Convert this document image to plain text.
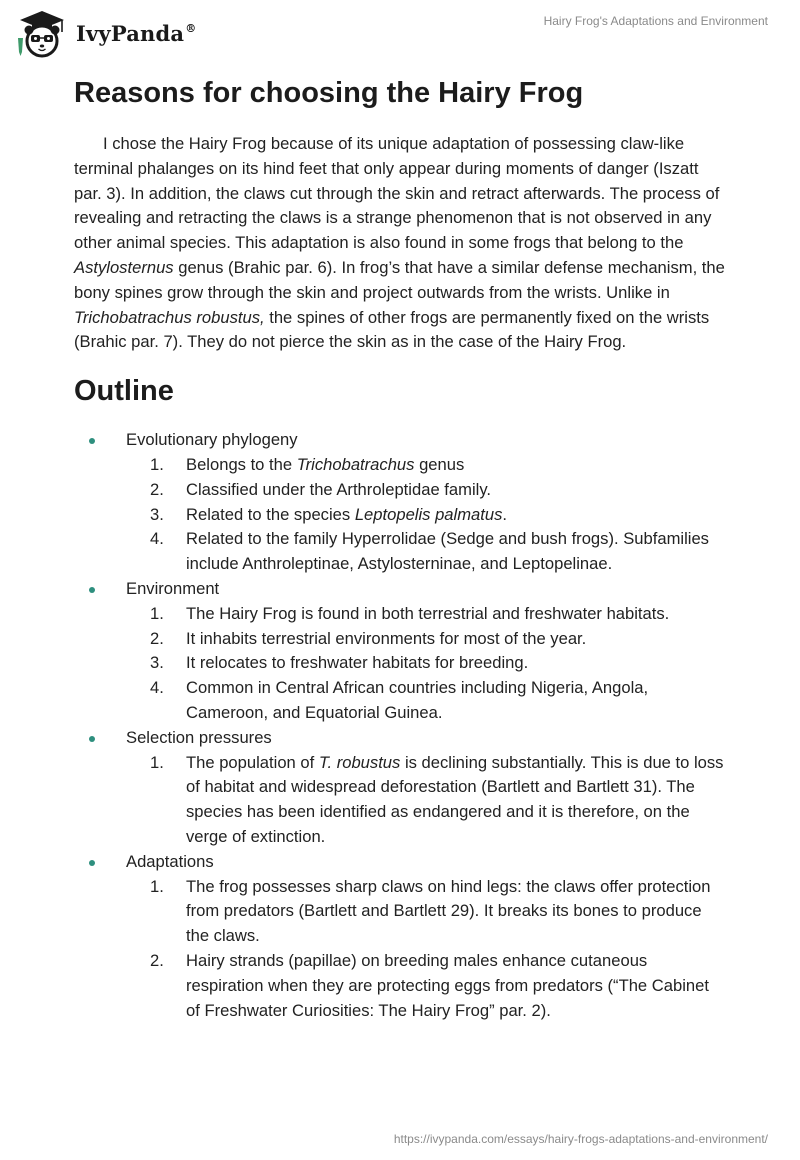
IvyPanda®	Hairy Frog's Adaptations and Environment
Reasons for choosing the Hairy Frog

I chose the Hairy Frog because of its unique adaptation of possessing claw-like terminal phalanges on its hind feet that only appear during moments of danger (Iszatt par. 3). In addition, the claws cut through the skin and retract afterwards. The process of revealing and retracting the claws is a strange phenomenon that is not observed in any other animal species. This adaptation is also found in some frogs that belong to the Astylosternus genus (Brahic par. 6). In frog’s that have a similar defense mechanism, the bony spines grow through the skin and project outwards from the wrists. Unlike in Trichobatrachus robustus, the spines of other frogs are permanently fixed on the wrists (Brahic par. 7). They do not pierce the skin as in the case of the Hairy Frog.

Outline
Evolutionary phylogeny
1. Belongs to the Trichobatrachus genus
2. Classified under the Arthroleptidae family.
3. Related to the species Leptopelis palmatus.
4. Related to the family Hyperrolidae (Sedge and bush frogs). Subfamilies include Anthroleptinae, Astylosterninae, and Leptopelinae.
Environment
1. The Hairy Frog is found in both terrestrial and freshwater habitats.
2. It inhabits terrestrial environments for most of the year.
3. It relocates to freshwater habitats for breeding.
4. Common in Central African countries including Nigeria, Angola, Cameroon, and Equatorial Guinea.
Selection pressures
1. The population of T. robustus is declining substantially. This is due to loss of habitat and widespread deforestation (Bartlett and Bartlett 31). The species has been identified as endangered and it is therefore, on the verge of extinction.
Adaptations
1. The frog possesses sharp claws on hind legs: the claws offer protection from predators (Bartlett and Bartlett 29). It breaks its bones to produce the claws.
2. Hairy strands (papillae) on breeding males enhance cutaneous respiration when they are protecting eggs from predators (“The Cabinet of Freshwater Curiosities: The Hairy Frog” par. 2).
https://ivypanda.com/essays/hairy-frogs-adaptations-and-environment/
